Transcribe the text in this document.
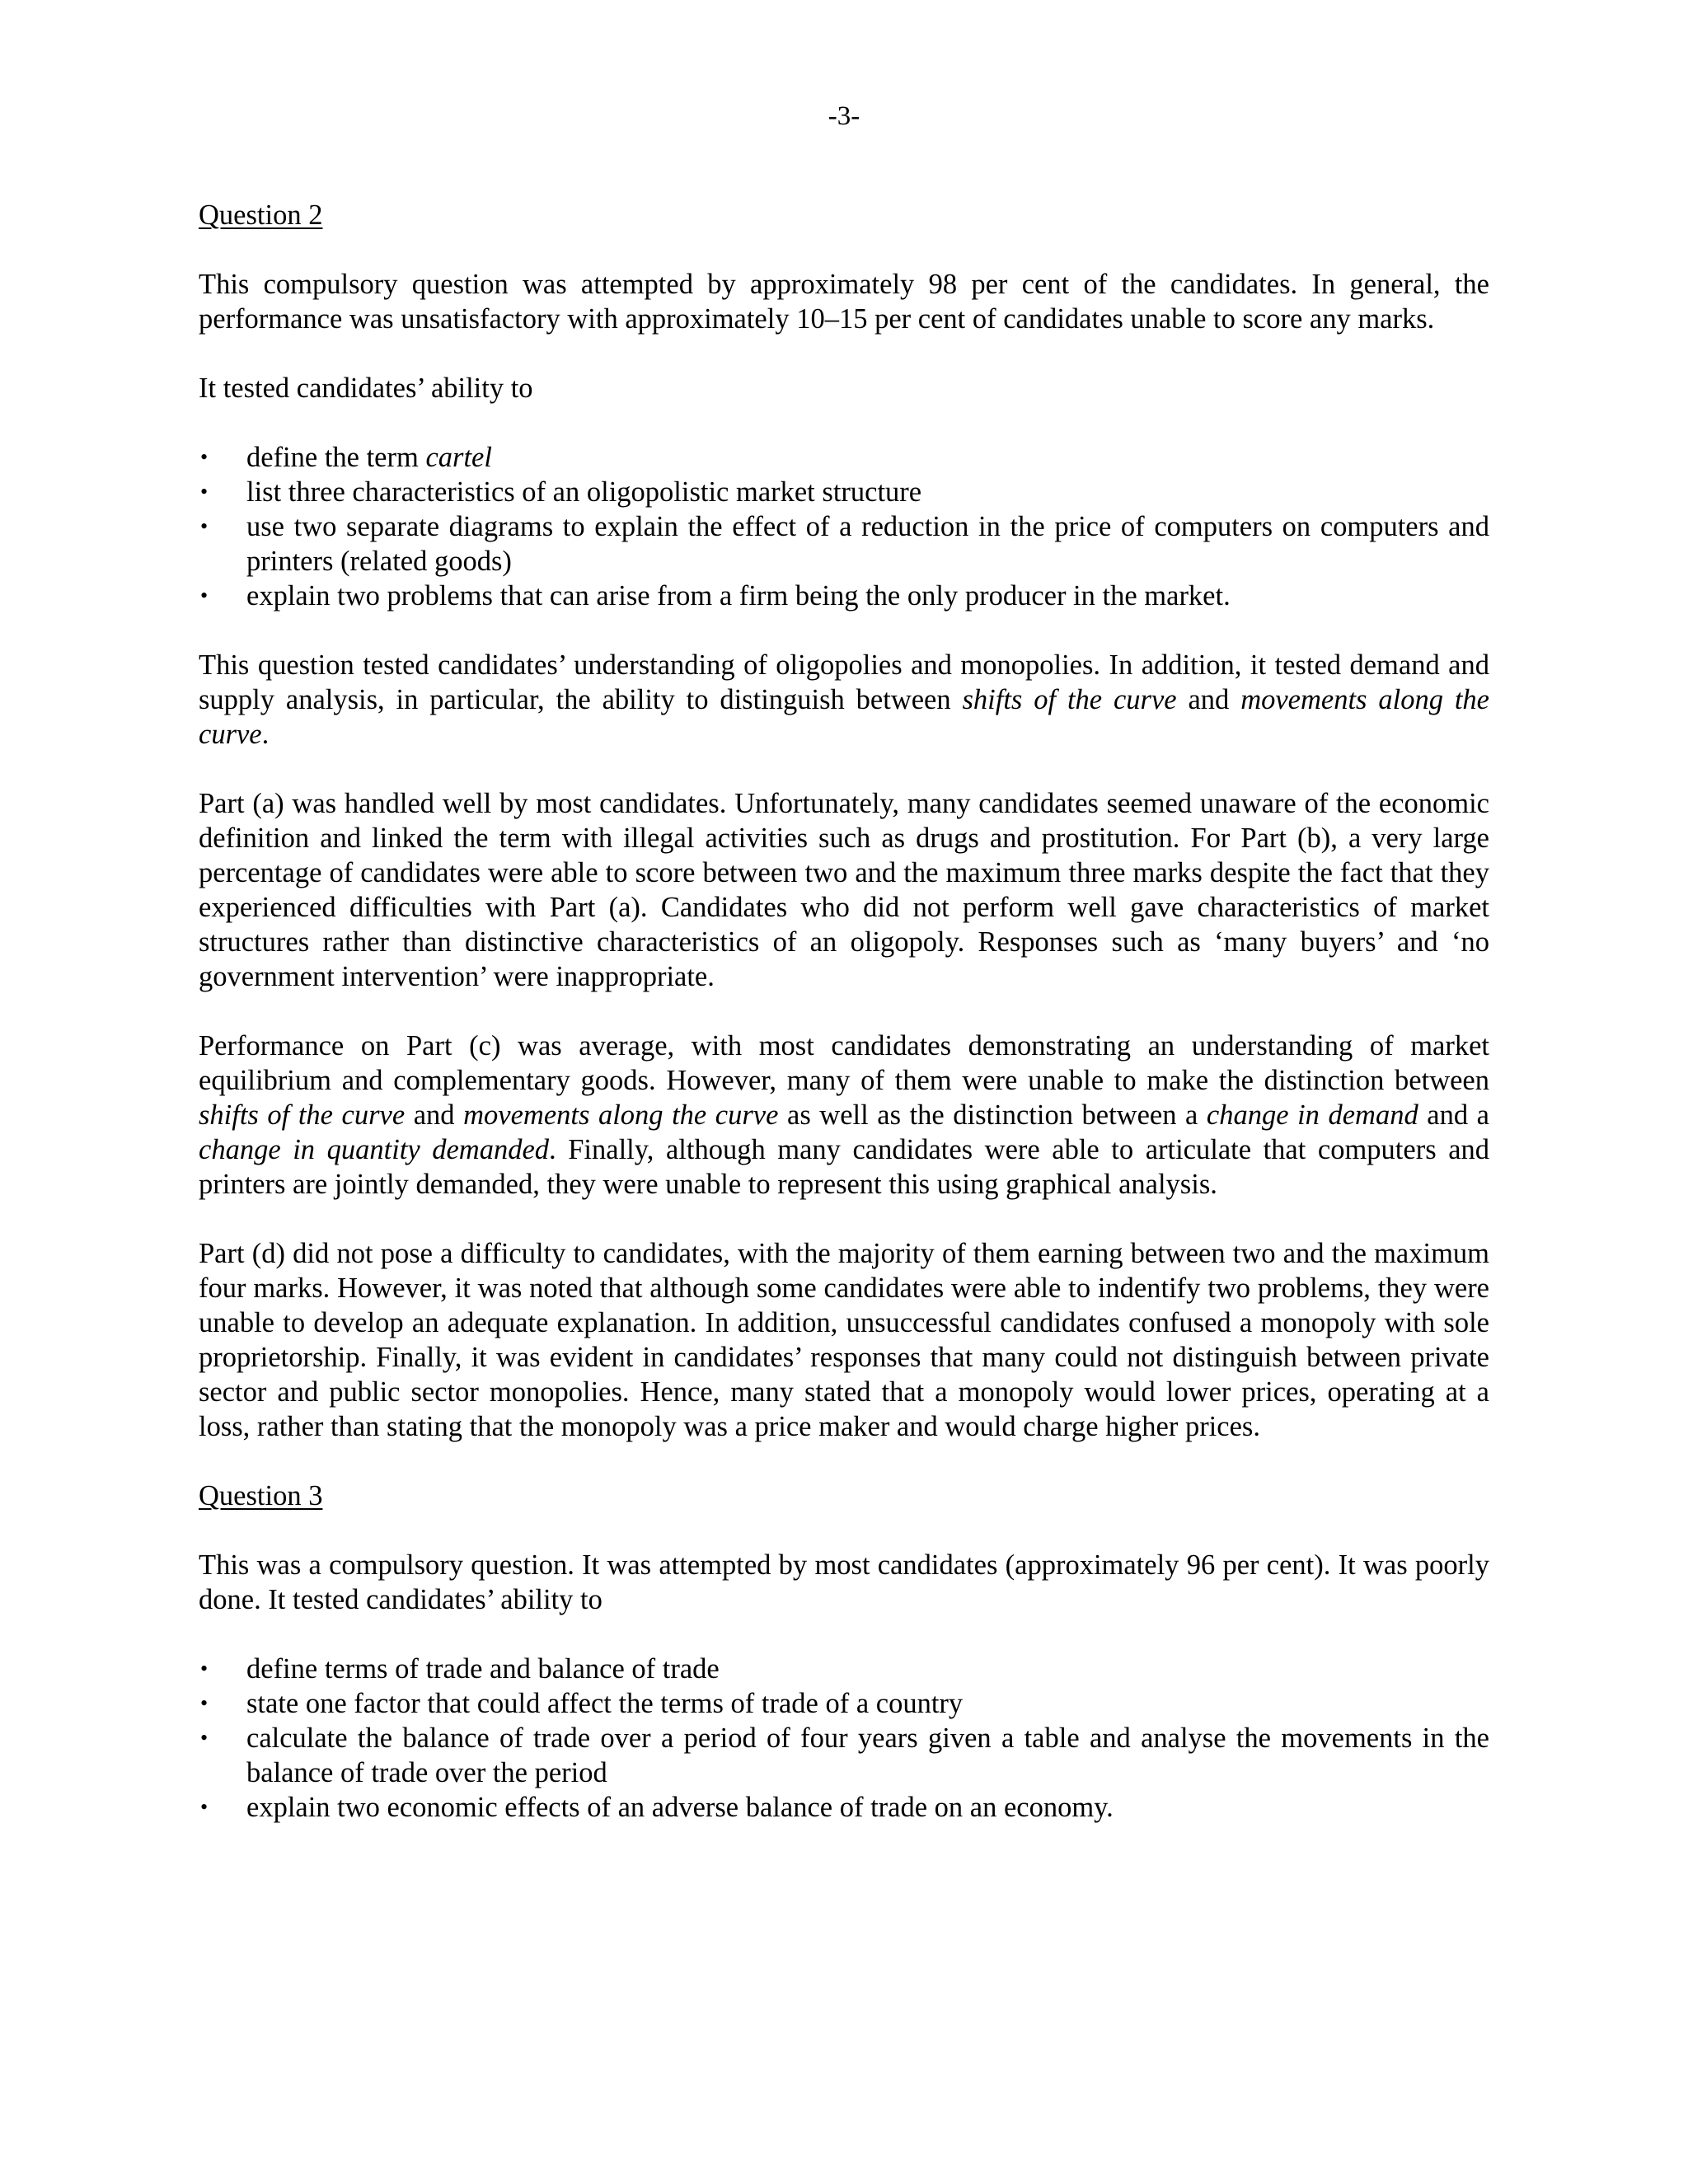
-3-
Question 2

This compulsory question was attempted by approximately 98 per cent of the candidates. In general, the performance was unsatisfactory with approximately 10–15 per cent of candidates unable to score any marks.

It tested candidates’ ability to

• define the term cartel
• list three characteristics of an oligopolistic market structure
• use two separate diagrams to explain the effect of a reduction in the price of computers on computers and printers (related goods)
• explain two problems that can arise from a firm being the only producer in the market.

This question tested candidates’ understanding of oligopolies and monopolies. In addition, it tested demand and supply analysis, in particular, the ability to distinguish between shifts of the curve and movements along the curve.

Part (a) was handled well by most candidates. Unfortunately, many candidates seemed unaware of the economic definition and linked the term with illegal activities such as drugs and prostitution. For Part (b), a very large percentage of candidates were able to score between two and the maximum three marks despite the fact that they experienced difficulties with Part (a). Candidates who did not perform well gave characteristics of market structures rather than distinctive characteristics of an oligopoly. Responses such as ‘many buyers’ and ‘no government intervention’ were inappropriate.

Performance on Part (c) was average, with most candidates demonstrating an understanding of market equilibrium and complementary goods. However, many of them were unable to make the distinction between shifts of the curve and movements along the curve as well as the distinction between a change in demand and a change in quantity demanded. Finally, although many candidates were able to articulate that computers and printers are jointly demanded, they were unable to represent this using graphical analysis.

Part (d) did not pose a difficulty to candidates, with the majority of them earning between two and the maximum four marks. However, it was noted that although some candidates were able to indentify two problems, they were unable to develop an adequate explanation. In addition, unsuccessful candidates confused a monopoly with sole proprietorship. Finally, it was evident in candidates’ responses that many could not distinguish between private sector and public sector monopolies. Hence, many stated that a monopoly would lower prices, operating at a loss, rather than stating that the monopoly was a price maker and would charge higher prices.

Question 3

This was a compulsory question. It was attempted by most candidates (approximately 96 per cent). It was poorly done. It tested candidates’ ability to

• define terms of trade and balance of trade
• state one factor that could affect the terms of trade of a country
• calculate the balance of trade over a period of four years given a table and analyse the movements in the balance of trade over the period
• explain two economic effects of an adverse balance of trade on an economy.
